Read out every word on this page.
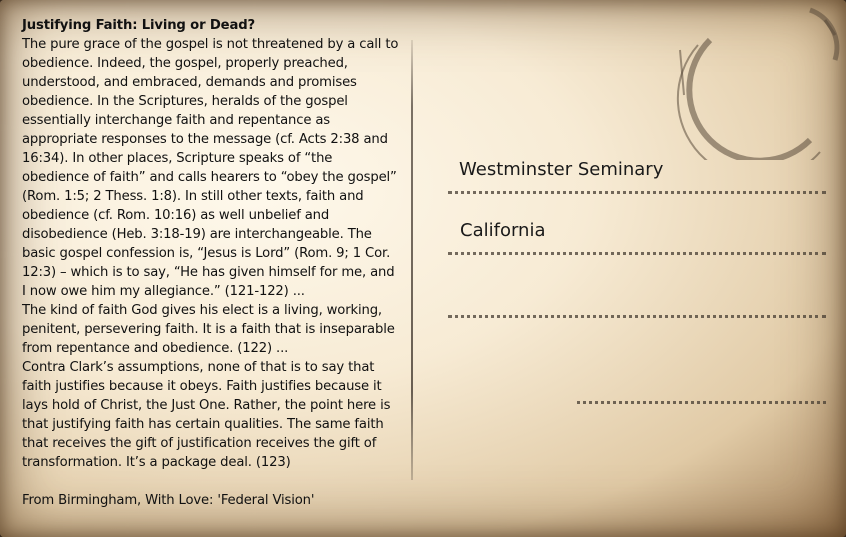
Justifying Faith: Living or Dead?

The pure grace of the gospel is not threatened by a call to obedience. Indeed, the gospel, properly preached, understood, and embraced, demands and promises obedience. In the Scriptures, heralds of the gospel essentially interchange faith and repentance as appropriate responses to the message (cf. Acts 2:38 and 16:34). In other places, Scripture speaks of “the obedience of faith” and calls hearers to “obey the gospel” (Rom. 1:5; 2 Thess. 1:8). In still other texts, faith and obedience (cf. Rom. 10:16) as well unbelief and disobedience (Heb. 3:18-19) are interchangeable. The basic gospel confession is, “Jesus is Lord” (Rom. 9; 1 Cor. 12:3) – which is to say, “He has given himself for me, and I now owe him my allegiance.” (121-122) ...

The kind of faith God gives his elect is a living, working, penitent, persevering faith. It is a faith that is inseparable from repentance and obedience. (122) ...

Contra Clark’s assumptions, none of that is to say that faith justifies because it obeys. Faith justifies because it lays hold of Christ, the Just One. Rather, the point here is that justifying faith has certain qualities. The same faith that receives the gift of justification receives the gift of transformation. It’s a package deal. (123)

From Birmingham, With Love: 'Federal Vision'

Westminster Seminary
California
